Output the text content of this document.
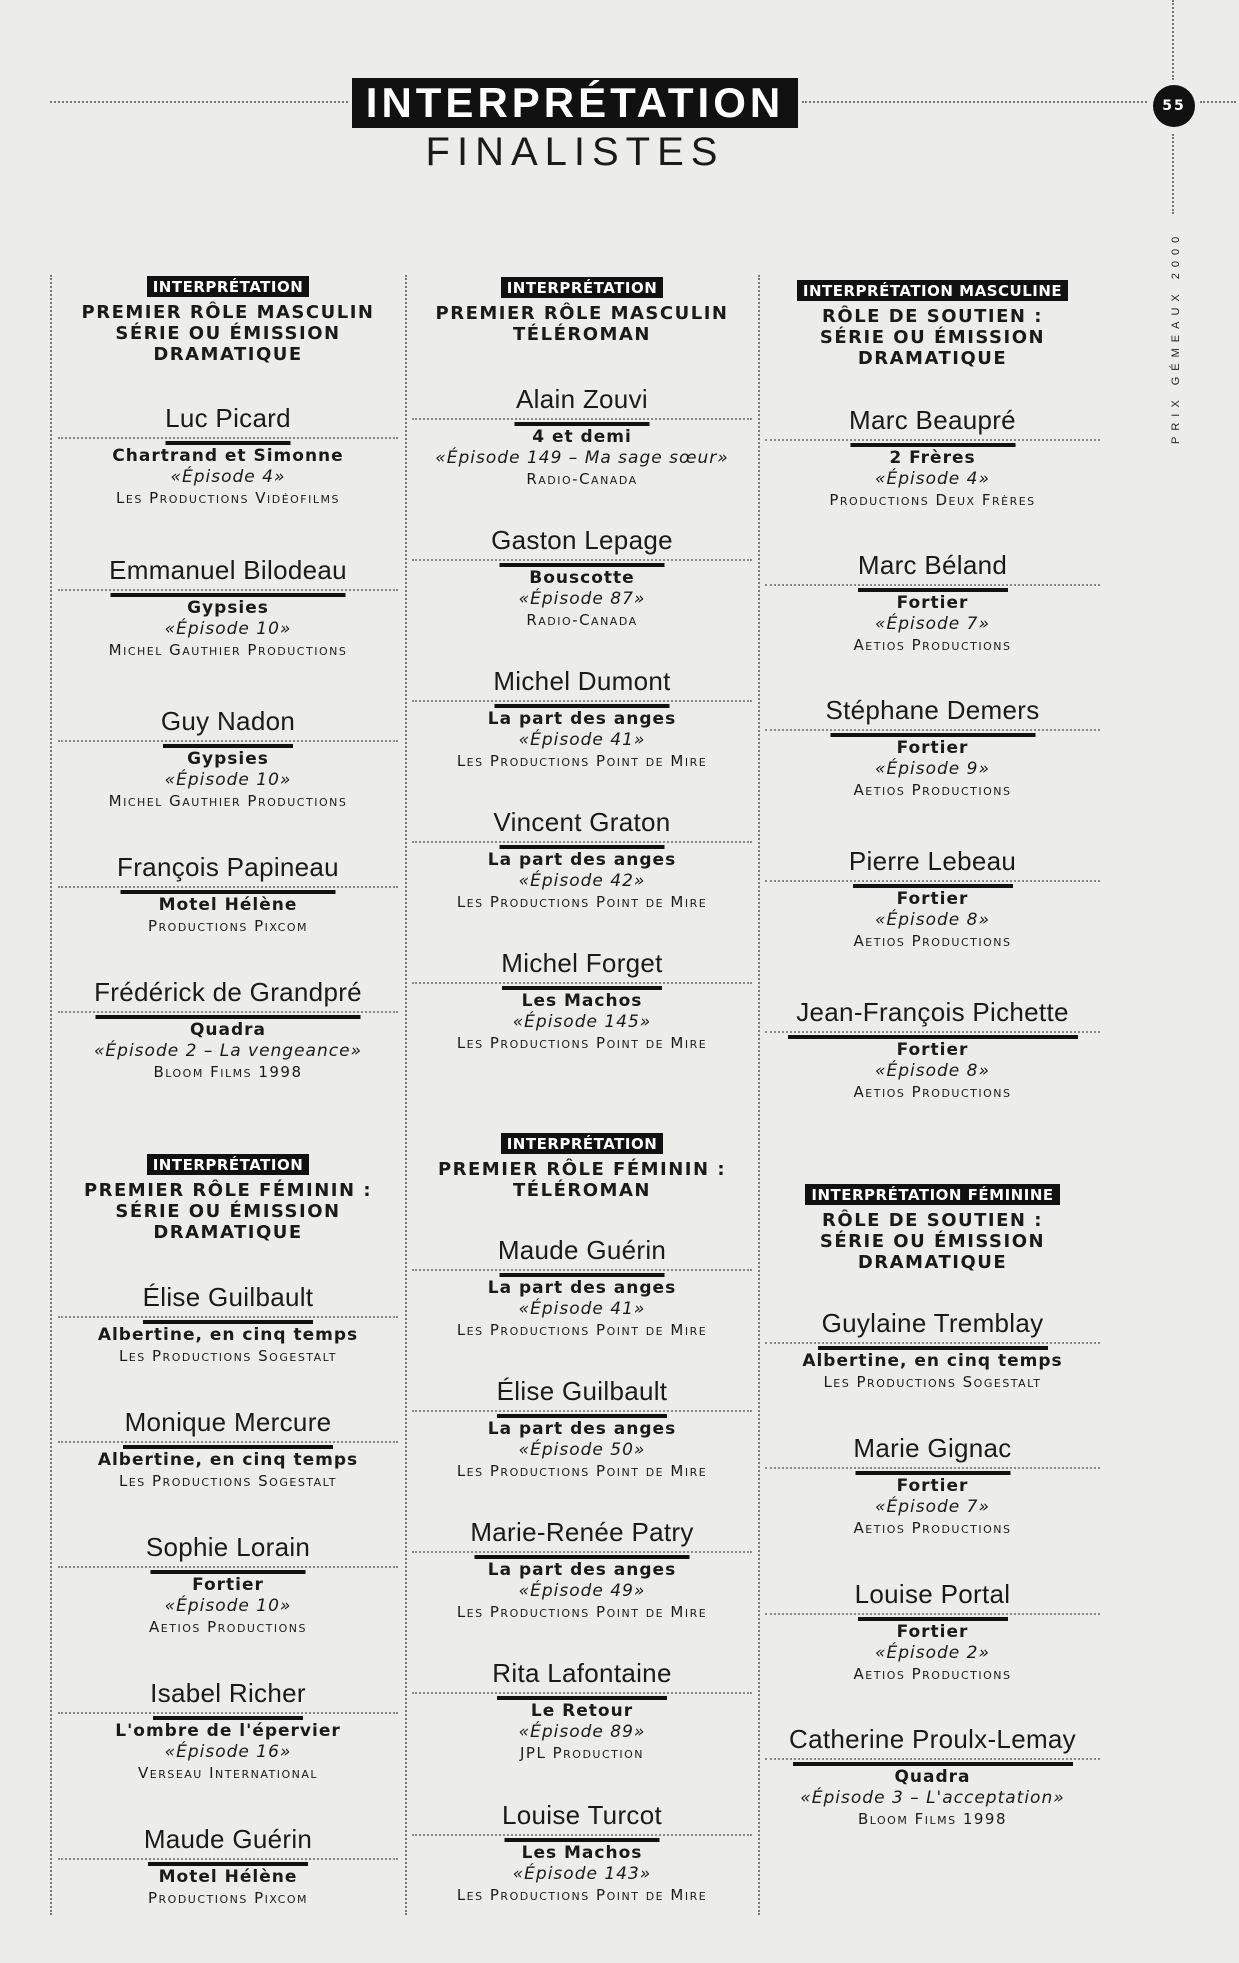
INTERPRÉTATION
FINALISTES
55
PRIX GÉMEAUX 2000
INTERPRÉTATION
PREMIER RÔLE MASCULIN
SÉRIE OU ÉMISSION
DRAMATIQUE
Luc Picard
Chartrand et Simonne
«Épisode 4»
Les Productions Vidéofilms
Emmanuel Bilodeau
Gypsies
«Épisode 10»
Michel Gauthier Productions
Guy Nadon
Gypsies
«Épisode 10»
Michel Gauthier Productions
François Papineau
Motel Hélène
Productions Pixcom
Frédérick de Grandpré
Quadra
«Épisode 2 – La vengeance»
Bloom Films 1998
INTERPRÉTATION
PREMIER RÔLE FÉMININ :
SÉRIE OU ÉMISSION
DRAMATIQUE
Élise Guilbault
Albertine, en cinq temps
Les Productions Sogestalt
Monique Mercure
Albertine, en cinq temps
Les Productions Sogestalt
Sophie Lorain
Fortier
«Épisode 10»
Aetios Productions
Isabel Richer
L'ombre de l'épervier
«Épisode 16»
Verseau International
Maude Guérin
Motel Hélène
Productions Pixcom
INTERPRÉTATION
PREMIER RÔLE MASCULIN
TÉLÉROMAN
Alain Zouvi
4 et demi
«Épisode 149 – Ma sage sœur»
Radio-Canada
Gaston Lepage
Bouscotte
«Épisode 87»
Radio-Canada
Michel Dumont
La part des anges
«Épisode 41»
Les Productions Point de Mire
Vincent Graton
La part des anges
«Épisode 42»
Les Productions Point de Mire
Michel Forget
Les Machos
«Épisode 145»
Les Productions Point de Mire
INTERPRÉTATION
PREMIER RÔLE FÉMININ :
TÉLÉROMAN
Maude Guérin
La part des anges
«Épisode 41»
Les Productions Point de Mire
Élise Guilbault
La part des anges
«Épisode 50»
Les Productions Point de Mire
Marie-Renée Patry
La part des anges
«Épisode 49»
Les Productions Point de Mire
Rita Lafontaine
Le Retour
«Épisode 89»
JPL Production
Louise Turcot
Les Machos
«Épisode 143»
Les Productions Point de Mire
INTERPRÉTATION MASCULINE
RÔLE DE SOUTIEN :
SÉRIE OU ÉMISSION
DRAMATIQUE
Marc Beaupré
2 Frères
«Épisode 4»
Productions Deux Frères
Marc Béland
Fortier
«Épisode 7»
Aetios Productions
Stéphane Demers
Fortier
«Épisode 9»
Aetios Productions
Pierre Lebeau
Fortier
«Épisode 8»
Aetios Productions
Jean-François Pichette
Fortier
«Épisode 8»
Aetios Productions
INTERPRÉTATION FÉMININE
RÔLE DE SOUTIEN :
SÉRIE OU ÉMISSION
DRAMATIQUE
Guylaine Tremblay
Albertine, en cinq temps
Les Productions Sogestalt
Marie Gignac
Fortier
«Épisode 7»
Aetios Productions
Louise Portal
Fortier
«Épisode 2»
Aetios Productions
Catherine Proulx-Lemay
Quadra
«Épisode 3 – L'acceptation»
Bloom Films 1998
